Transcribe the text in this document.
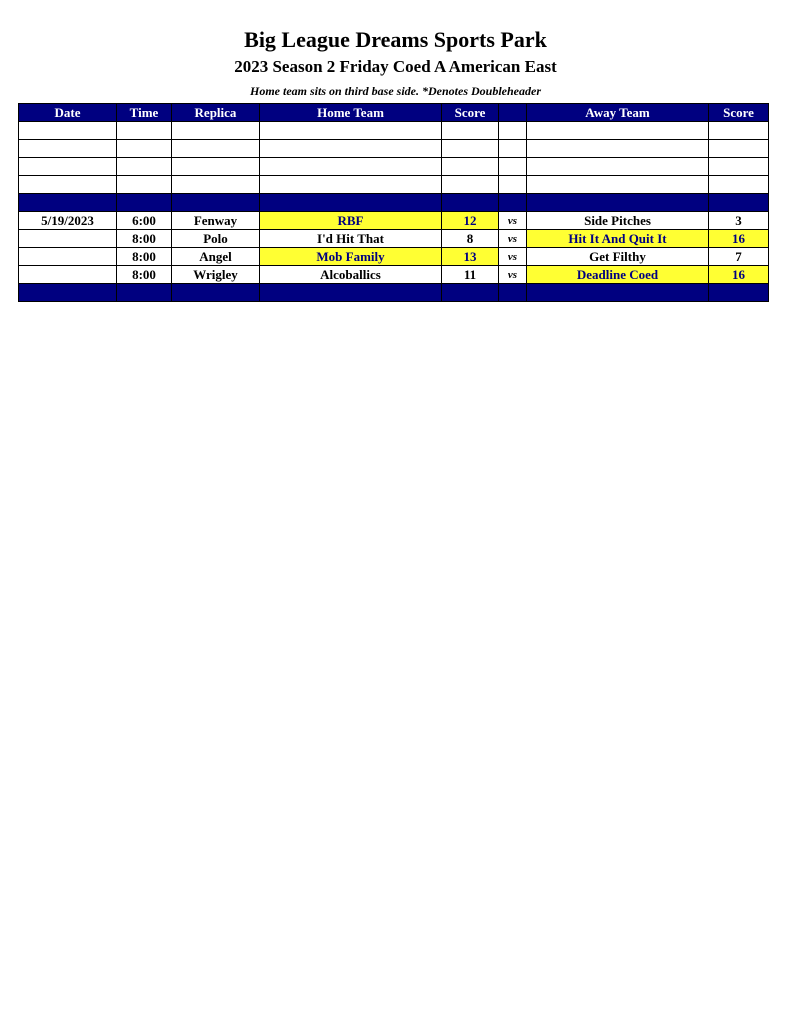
Big League Dreams Sports Park
2023 Season 2 Friday Coed A American East
Home team sits on third base side. *Denotes Doubleheader
Date	Time	Replica	Home Team	Score		Away Team	Score

5/19/2023	6:00	Fenway	RBF	12	vs	Side Pitches	3
	8:00	Polo	I'd Hit That	8	vs	Hit It And Quit It	16
	8:00	Angel	Mob Family	13	vs	Get Filthy	7
	8:00	Wrigley	Alcoballics	11	vs	Deadline Coed	16
